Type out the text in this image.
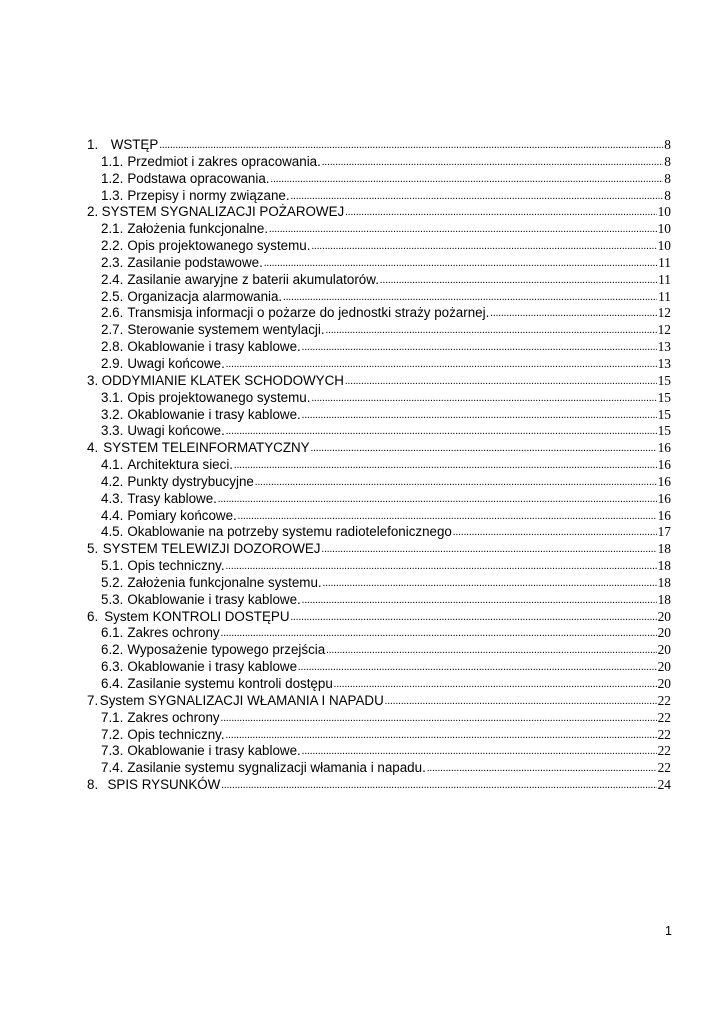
1. WSTĘP .....	8
1.1. Przedmiot i zakres opracowania. .....	8
1.2. Podstawa opracowania. .....	8
1.3. Przepisy i normy związane. .....	8
2. SYSTEM SYGNALIZACJI POŻAROWEJ .....	10
2.1. Założenia funkcjonalne. .....	10
2.2. Opis projektowanego systemu. .....	10
2.3. Zasilanie podstawowe. .....	11
2.4. Zasilanie awaryjne z baterii akumulatorów. .....	11
2.5. Organizacja alarmowania. .....	11
2.6. Transmisja informacji o pożarze do jednostki straży pożarnej. .....	12
2.7. Sterowanie systemem wentylacji. .....	12
2.8. Okablowanie i trasy kablowe. .....	13
2.9. Uwagi końcowe. .....	13
3. ODDYMIANIE KLATEK SCHODOWYCH .....	15
3.1. Opis projektowanego systemu. .....	15
3.2. Okablowanie i trasy kablowe. .....	15
3.3. Uwagi końcowe. .....	15
4. SYSTEM TELEINFORMATYCZNY .....	16
4.1. Architektura sieci. .....	16
4.2. Punkty dystrybucyjne .....	16
4.3. Trasy kablowe. .....	16
4.4. Pomiary końcowe. .....	16
4.5. Okablowanie na potrzeby systemu radiotelefonicznego .....	17
5. SYSTEM TELEWIZJI DOZOROWEJ .....	18
5.1. Opis techniczny. .....	18
5.2. Założenia funkcjonalne systemu. .....	18
5.3. Okablowanie i trasy kablowe. .....	18
6. System KONTROLI DOSTĘPU .....	20
6.1. Zakres ochrony .....	20
6.2. Wyposażenie typowego przejścia .....	20
6.3. Okablowanie i trasy kablowe .....	20
6.4. Zasilanie systemu kontroli dostępu .....	20
7. System SYGNALIZACJI WŁAMANIA I NAPADU .....	22
7.1. Zakres ochrony .....	22
7.2. Opis techniczny. .....	22
7.3. Okablowanie i trasy kablowe. .....	22
7.4. Zasilanie systemu sygnalizacji włamania i napadu. .....	22
8. SPIS RYSUNKÓW .....	24
1
